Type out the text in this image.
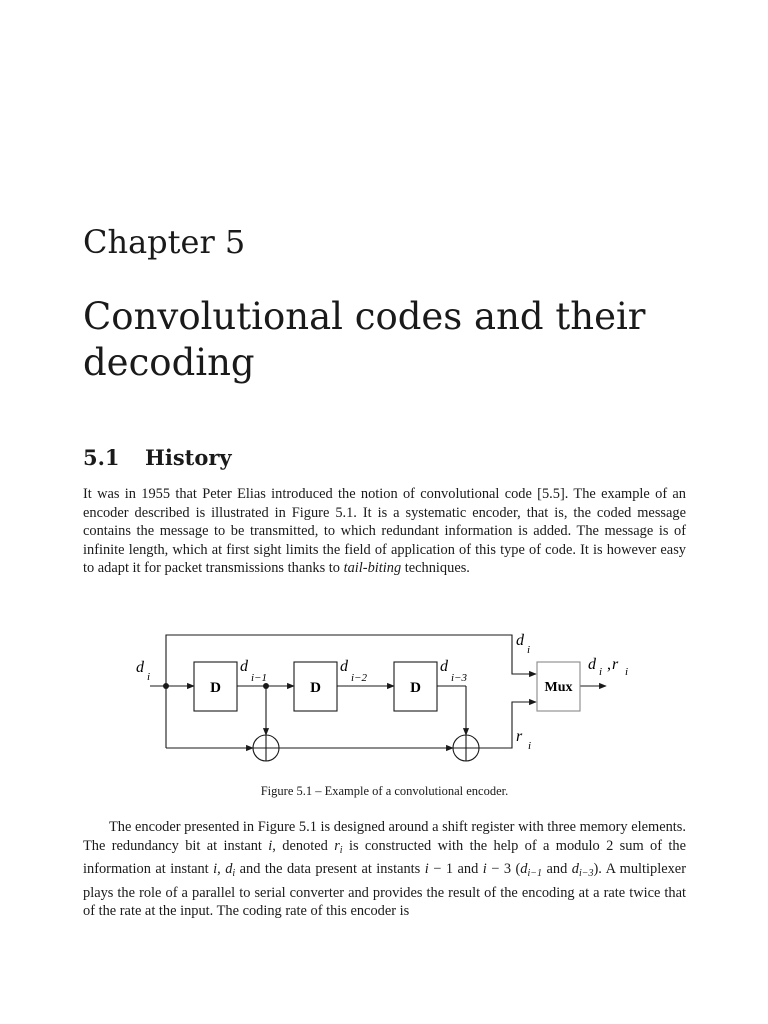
Chapter 5
Convolutional codes and their decoding
5.1 History
It was in 1955 that Peter Elias introduced the notion of convolutional code [5.5]. The example of an encoder described is illustrated in Figure 5.1. It is a systematic encoder, that is, the coded message contains the message to be transmitted, to which redundant information is added. The message is of infinite length, which at first sight limits the field of application of this type of code. It is however easy to adapt it for packet transmissions thanks to tail-biting techniques.
d
i
D	D	D
d
i−1
d
i−2
d
i−3
d
i
r
i
Mux
d i , r i
Figure 5.1 – Example of a convolutional encoder.
The encoder presented in Figure 5.1 is designed around a shift register with three memory elements. The redundancy bit at instant i, denoted $r_i$ is constructed with the help of a modulo 2 sum of the information at instant i, $d_i$ and the data present at instants i − 1 and i − 3 ($d_{i-1}$ and $d_{i-3}$). A multiplexer plays the role of a parallel to serial converter and provides the result of the encoding at a rate twice that of the rate at the input. The coding rate of this encoder is
